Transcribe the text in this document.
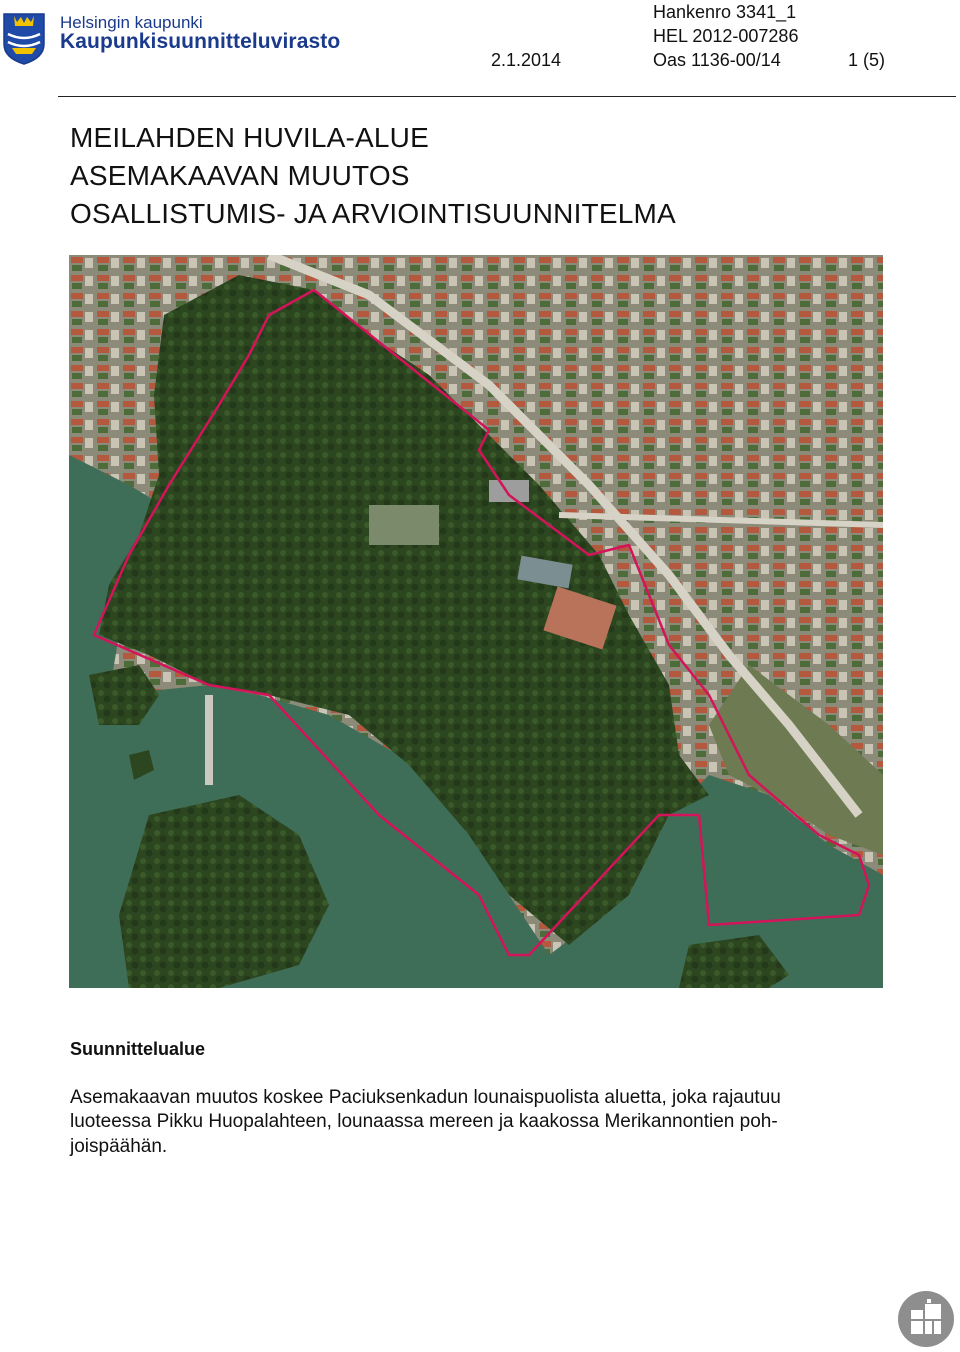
Helsingin kaupunki
Kaupunkisuunnitteluvirasto
Hankenro 3341_1
HEL 2012-007286
2.1.2014	Oas 1136-00/14	1 (5)
MEILAHDEN HUVILA-ALUE
ASEMAKAAVAN MUUTOS
OSALLISTUMIS- JA ARVIOINTISUUNNITELMA
Suunnittelualue
Asemakaavan muutos koskee Paciuksenkadun lounaispuolista aluetta, joka rajautuu
luoteessa Pikku Huopalahteen, lounaassa mereen ja kaakossa Merikannontien poh-
joispäähän.
